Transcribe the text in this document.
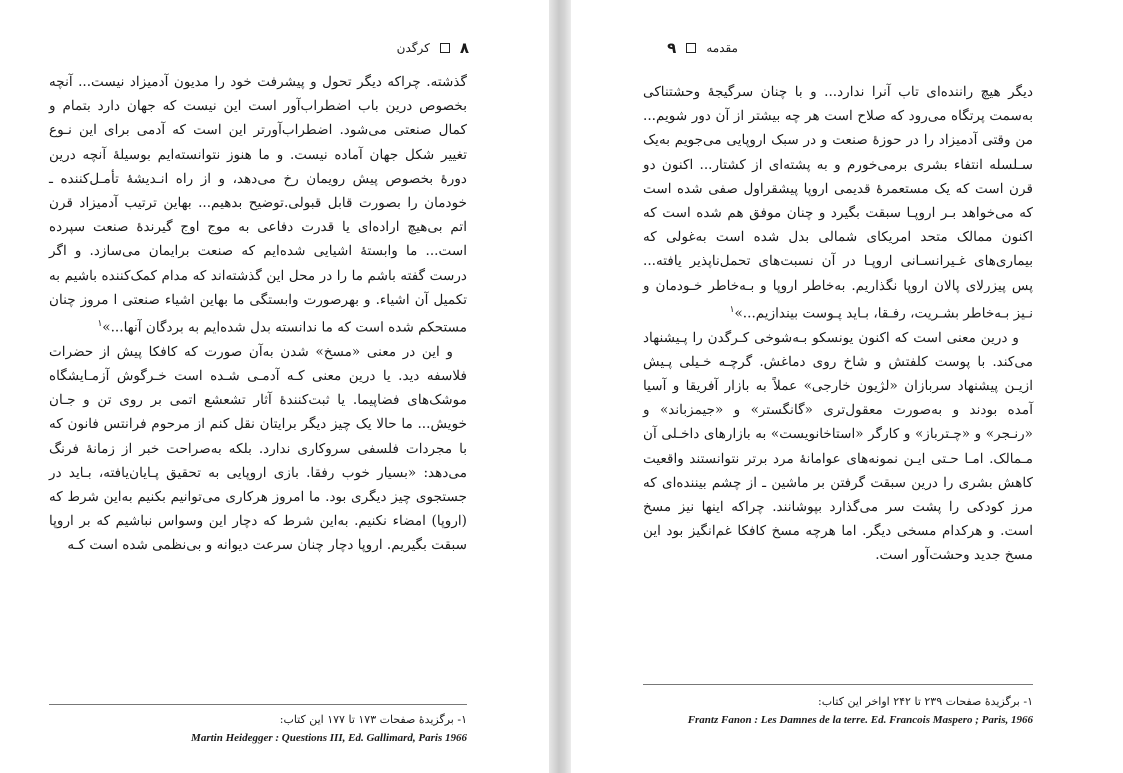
۸
کرگدن

گذشته. چراکه دیگر تحول و پیشرفت خود را مدیون آدمیزاد نیست... آنچه بخصوص درین باب اضطراب‌آور است این نیست که جهان دارد بتمام و کمال صنعتی می‌شود. اضطراب‌آورتر این است که آدمی برای این نـوع تغییر شکل جهان آماده نیست. و ما هنوز نتوانسته‌ایم بوسیلهٔ آنچه درین دورهٔ بخصوص پیش رویمان رخ می‌دهد، و از راه انـدیشهٔ تأمـل‌کننده ـ خودمان را بصورت قابل قبولی.توضیح بدهیم... بهاین ترتیب آدمیزاد قرن اتم بی‌هیچ اراده‌ای یا قدرت دفاعی به موج اوج گیرندهٔ صنعت سپرده است... ما وابستهٔ اشیایی شده‌ایم که صنعت برایمان می‌سازد. و اگر درست گفته باشم ما را در محل این گذشته‌اند که مدام کمک‌کننده باشیم به تکمیل آن اشیاء. و بهرصورت وابستگی ما بهاین اشیاء صنعتی ا مروز چنان مستحکم شده است که ما ندانسته بدل شده‌ایم به بردگان آنها...»$^۱$

و این در معنی «مسخ» شدن به‌آن صورت که کافکا پیش از حضرات فلاسفه دید. یا درین معنی کـه آدمـی شـده است خـرگوش آزمـایشگاه موشک‌های فضاپیما. یا ثبت‌کنندهٔ آثار تشعشع اتمی بر روی تن و جـان خویش... ما حالا یک چیز دیگر برایتان نقل کنم از مرحوم فرانتس فانون که با مجردات فلسفی سروکاری ندارد. بلکه به‌صراحت خبر از زمانهٔ فرنگ می‌دهد: «بسیار خوب رفقا. بازی اروپایی به تحقیق پـایان‌یافته، بـاید در جستجوی چیز دیگری بود. ما امروز هرکاری می‌توانیم بکنیم به‌این شرط که (اروپا) امضاء نکنیم. به‌این شرط که دچار این وسواس نباشیم که بر اروپا سبقت بگیریم. اروپا دچار چنان سرعت دیوانه و بی‌نظمی شده است کـه

۱- برگزیدهٔ صفحات ۱۷۳ تا ۱۷۷ این کتاب:
Martin Heidegger : Questions III, Ed. Gallimard, Paris 1966
مقدمه
۹

دیگر هیچ راننده‌ای تاب آنرا ندارد... و با چنان سرگیجهٔ وحشتناکی به‌سمت پرتگاه می‌رود که صلاح است هر چه بیشتر از آن دور شویم... من وقتی آدمیزاد را در حوزهٔ صنعت و در سبک اروپایی می‌جویم به‌یک سـلسله انتفاء بشری برمی‌خورم و به پشته‌ای از کشتار... اکنون دو قرن است که یک مستعمرهٔ قدیمی اروپا پیشقراول صفی شده است که می‌خواهد بـر اروپـا سبقت بگیرد و چنان موفق هم شده است که اکنون ممالک متحد امریکای شمالی بدل شده است به‌غولی که بیماری‌های غـیرانسـانی اروپـا در آن نسبت‌های تحمل‌ناپذیر یافته... پس پیزرلای پالان اروپا نگذاریم. به‌خاطر اروپا و بـه‌خاطر خـودمان و نـیز بـه‌خاطر بشـریت، رفـقا، بـاید پـوست بیندازیم...»$^۱$

و درین معنی است که اکنون یونسکو بـه‌شوخی کـرگدن را پـیشنهاد می‌کند. با پوست کلفتش و شاخ روی دماغش. گرچـه خـیلی پـیش ازیـن پیشنهاد سربازان «لژیون خارجی» عملاً به بازار آفریقا و آسیا آمده بودند و به‌صورت معقول‌تری «گانگستر» و «جیمزباند» و «رنـجر» و «چـترباز» و کارگر «استاخانویست» به بازارهای داخـلی آن مـمالک. امـا حـتی ایـن نمونه‌های عوامانهٔ مرد برتر نتوانستند واقعیت کاهش بشری را درین سبقت گرفتن بر ماشین ـ از چشم بیننده‌ای که مرز کودکی را پشت سر می‌گذارد بپوشانند. چراکه اینها نیز مسخ است. و هرکدام مسخی دیگر. اما هرچه مسخ کافکا غم‌انگیز بود این مسخ جدید وحشت‌آور است.

۱- برگزیدهٔ صفحات ۲۳۹ تا ۲۴۲ اواخر این کتاب:
Frantz Fanon : Les Damnes de la terre. Ed. Francois Maspero ; Paris, 1966
